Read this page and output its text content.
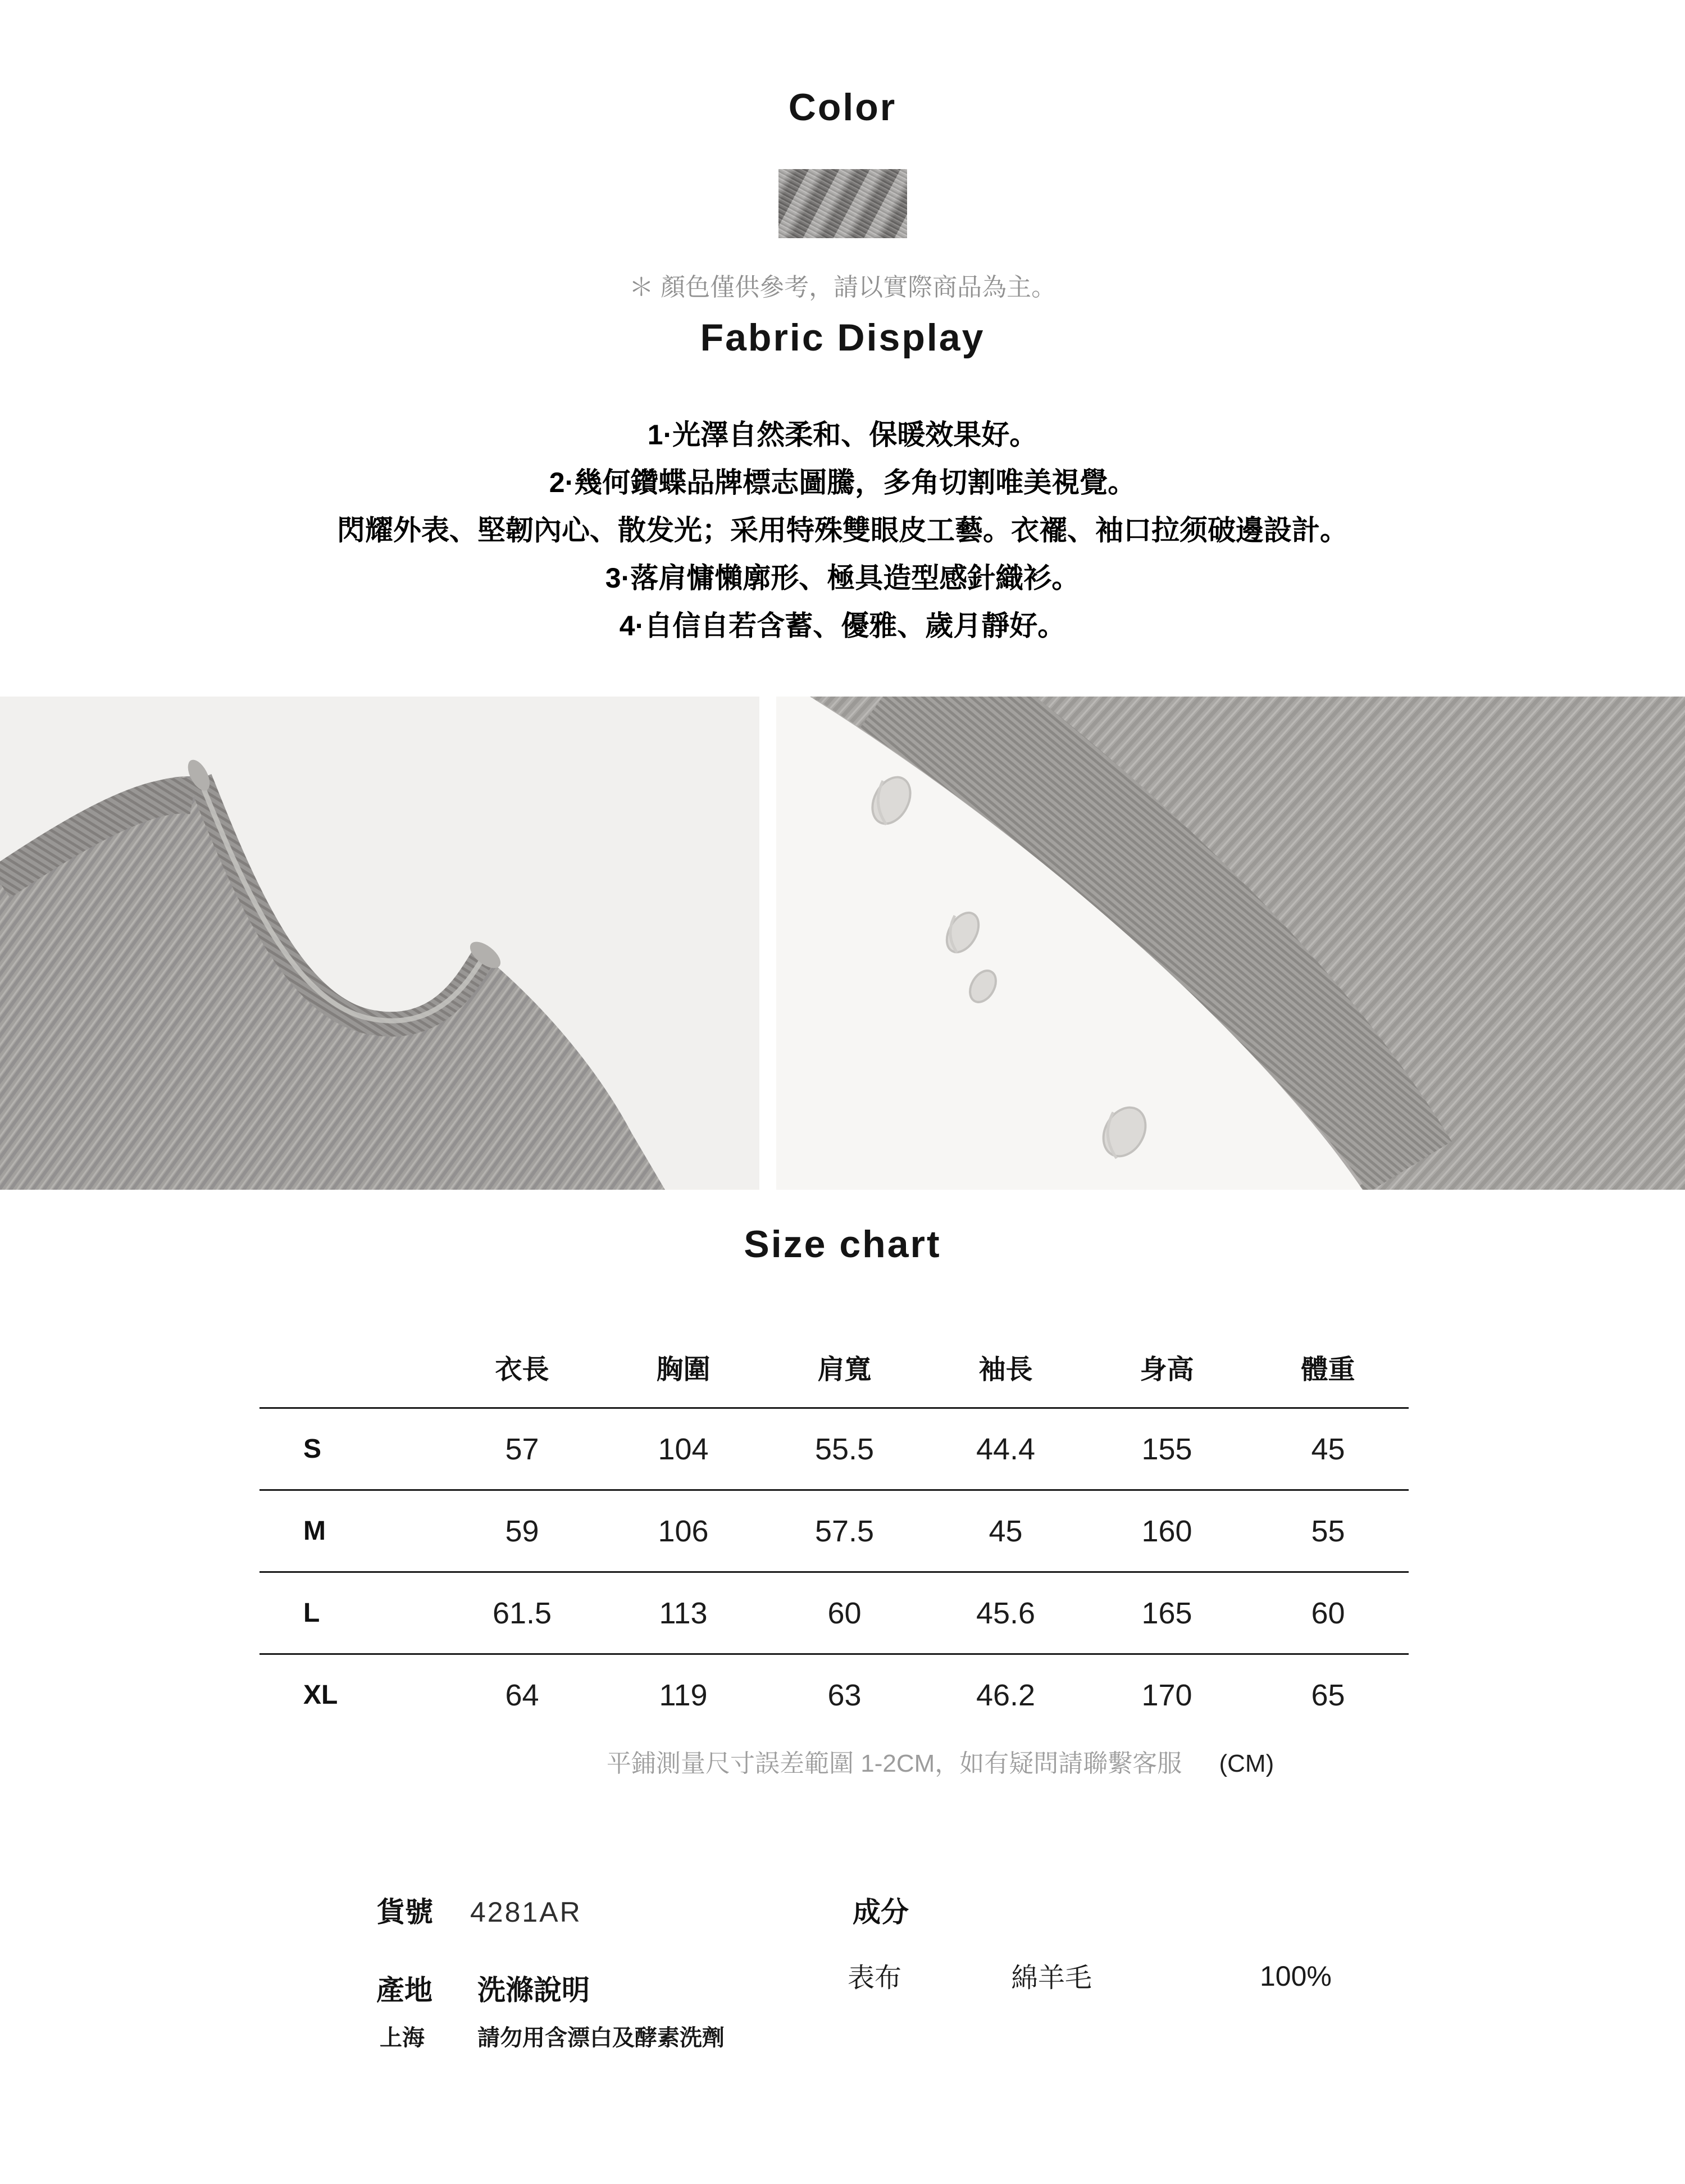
Color
＊ 顏色僅供參考，請以實際商品為主。
Fabric Display
1·光澤自然柔和、保暖效果好。
2·幾何鑽蝶品牌標志圖騰，多角切割唯美視覺。
閃耀外表、堅韌內心、散发光；采用特殊雙眼皮工藝。衣襬、袖口拉须破邊設計。
3·落肩慵懶廓形、極具造型感針織衫。
4·自信自若含蓄、優雅、歲月靜好。
Size chart
衣長	胸圍	肩寬	袖長	身高	體重
S	57	104	55.5	44.4	155	45
M	59	106	57.5	45	160	55
L	61.5	113	60	45.6	165	60
XL	64	119	63	46.2	170	65
平鋪測量尺寸誤差範圍 1-2CM，如有疑問請聯繫客服 (CM)
貨號 4281AR	成分
表布	綿羊毛	100%
產地 洗滌說明
上海 請勿用含漂白及酵素洗劑
